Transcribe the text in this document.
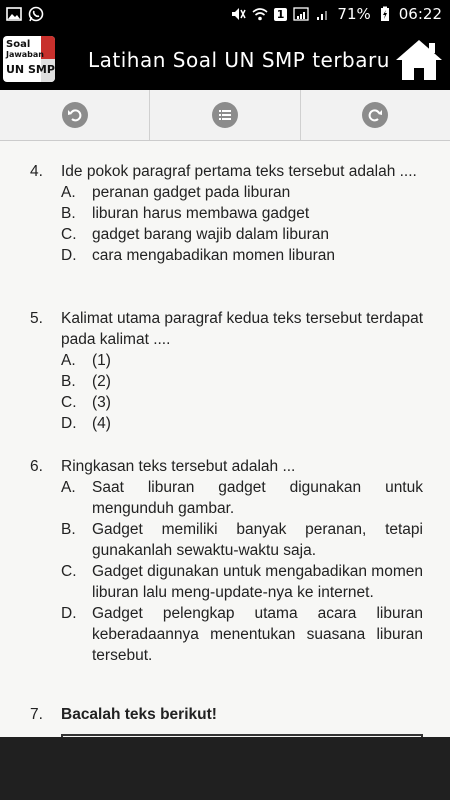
1	71% 06:22
Soal
Jawaban
UN SMP Latihan Soal UN SMP terbaru
4. Ide pokok paragraf pertama teks tersebut adalah ....
A. peranan gadget pada liburan
B. liburan harus membawa gadget
C. gadget barang wajib dalam liburan
D. cara mengabadikan momen liburan
5. Kalimat utama paragraf kedua teks tersebut terdapat pada kalimat ....
A. (1)
B. (2)
C. (3)
D. (4)
6. Ringkasan teks tersebut adalah ...
A. Saat liburan gadget digunakan untuk mengunduh gambar.
B. Gadget memiliki banyak peranan, tetapi gunakanlah sewaktu-waktu saja.
C. Gadget digunakan untuk mengabadikan momen liburan lalu meng-update-nya ke internet.
D. Gadget pelengkap utama acara liburan keberadaannya menentukan suasana liburan tersebut.
7. Bacalah teks berikut!
